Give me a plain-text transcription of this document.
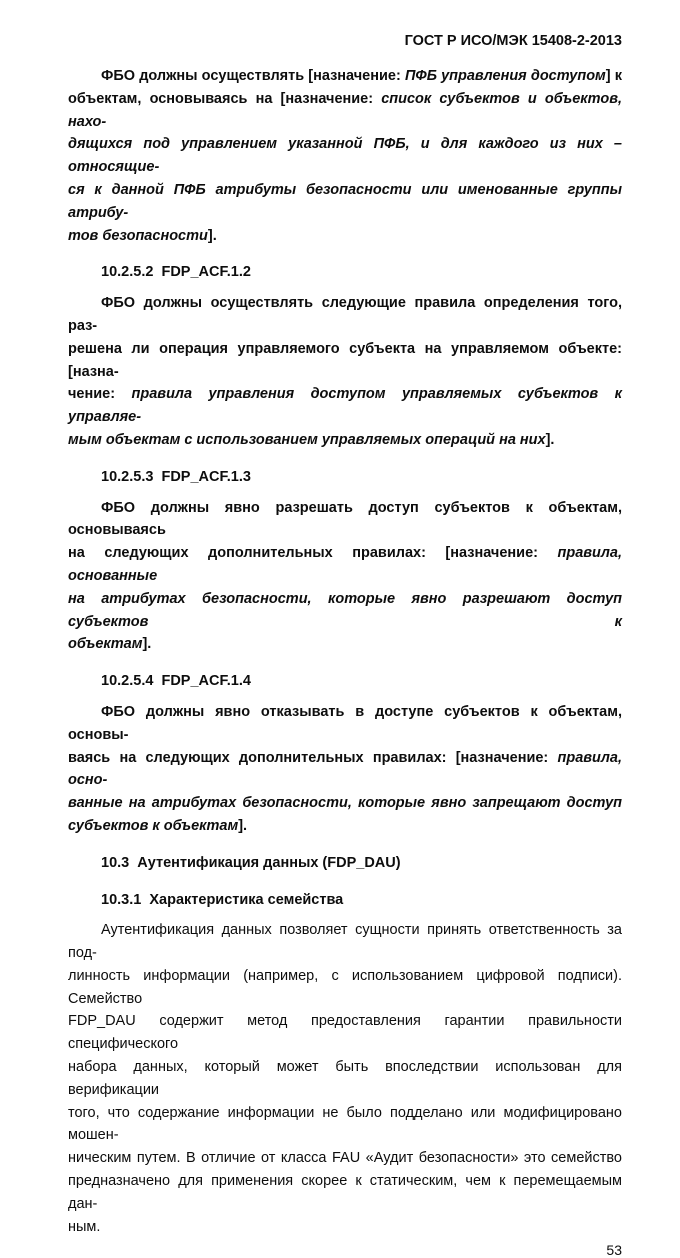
ГОСТ Р ИСО/МЭК 15408-2-2013
ФБО должны осуществлять [назначение: ПФБ управления доступом] к
объектам, основываясь на [назначение: список субъектов и объектов, нахо-
дящихся под управлением указанной ПФБ, и для каждого из них – относящие-
ся к данной ПФБ атрибуты безопасности или именованные группы атрибу-
тов безопасности].
10.2.5.2  FDP_ACF.1.2
ФБО должны осуществлять следующие правила определения того, раз-
решена ли операция управляемого субъекта на управляемом объекте: [назна-
чение: правила управления доступом управляемых субъектов к управляе-
мым объектам с использованием управляемых операций на них].
10.2.5.3  FDP_ACF.1.3
ФБО должны явно разрешать доступ субъектов к объектам, основываясь
на следующих дополнительных правилах: [назначение: правила, основанные
на атрибутах безопасности, которые явно разрешают доступ субъектов к
объектам].
10.2.5.4  FDP_ACF.1.4
ФБО должны явно отказывать в доступе субъектов к объектам, основы-
ваясь на следующих дополнительных правилах: [назначение: правила, осно-
ванные на атрибутах безопасности, которые явно запрещают доступ
субъектов к объектам].
10.3  Аутентификация данных (FDP_DAU)
10.3.1  Характеристика семейства
Аутентификация данных позволяет сущности принять ответственность за под-
линность информации (например, с использованием цифровой подписи). Семейство
FDP_DAU содержит метод предоставления гарантии правильности специфического
набора данных, который может быть впоследствии использован для верификации
того, что содержание информации не было подделано или модифицировано мошен-
ническим путем. В отличие от класса FAU «Аудит безопасности» это семейство
предназначено для применения скорее к статическим, чем к перемещаемым дан-
ным.
53
